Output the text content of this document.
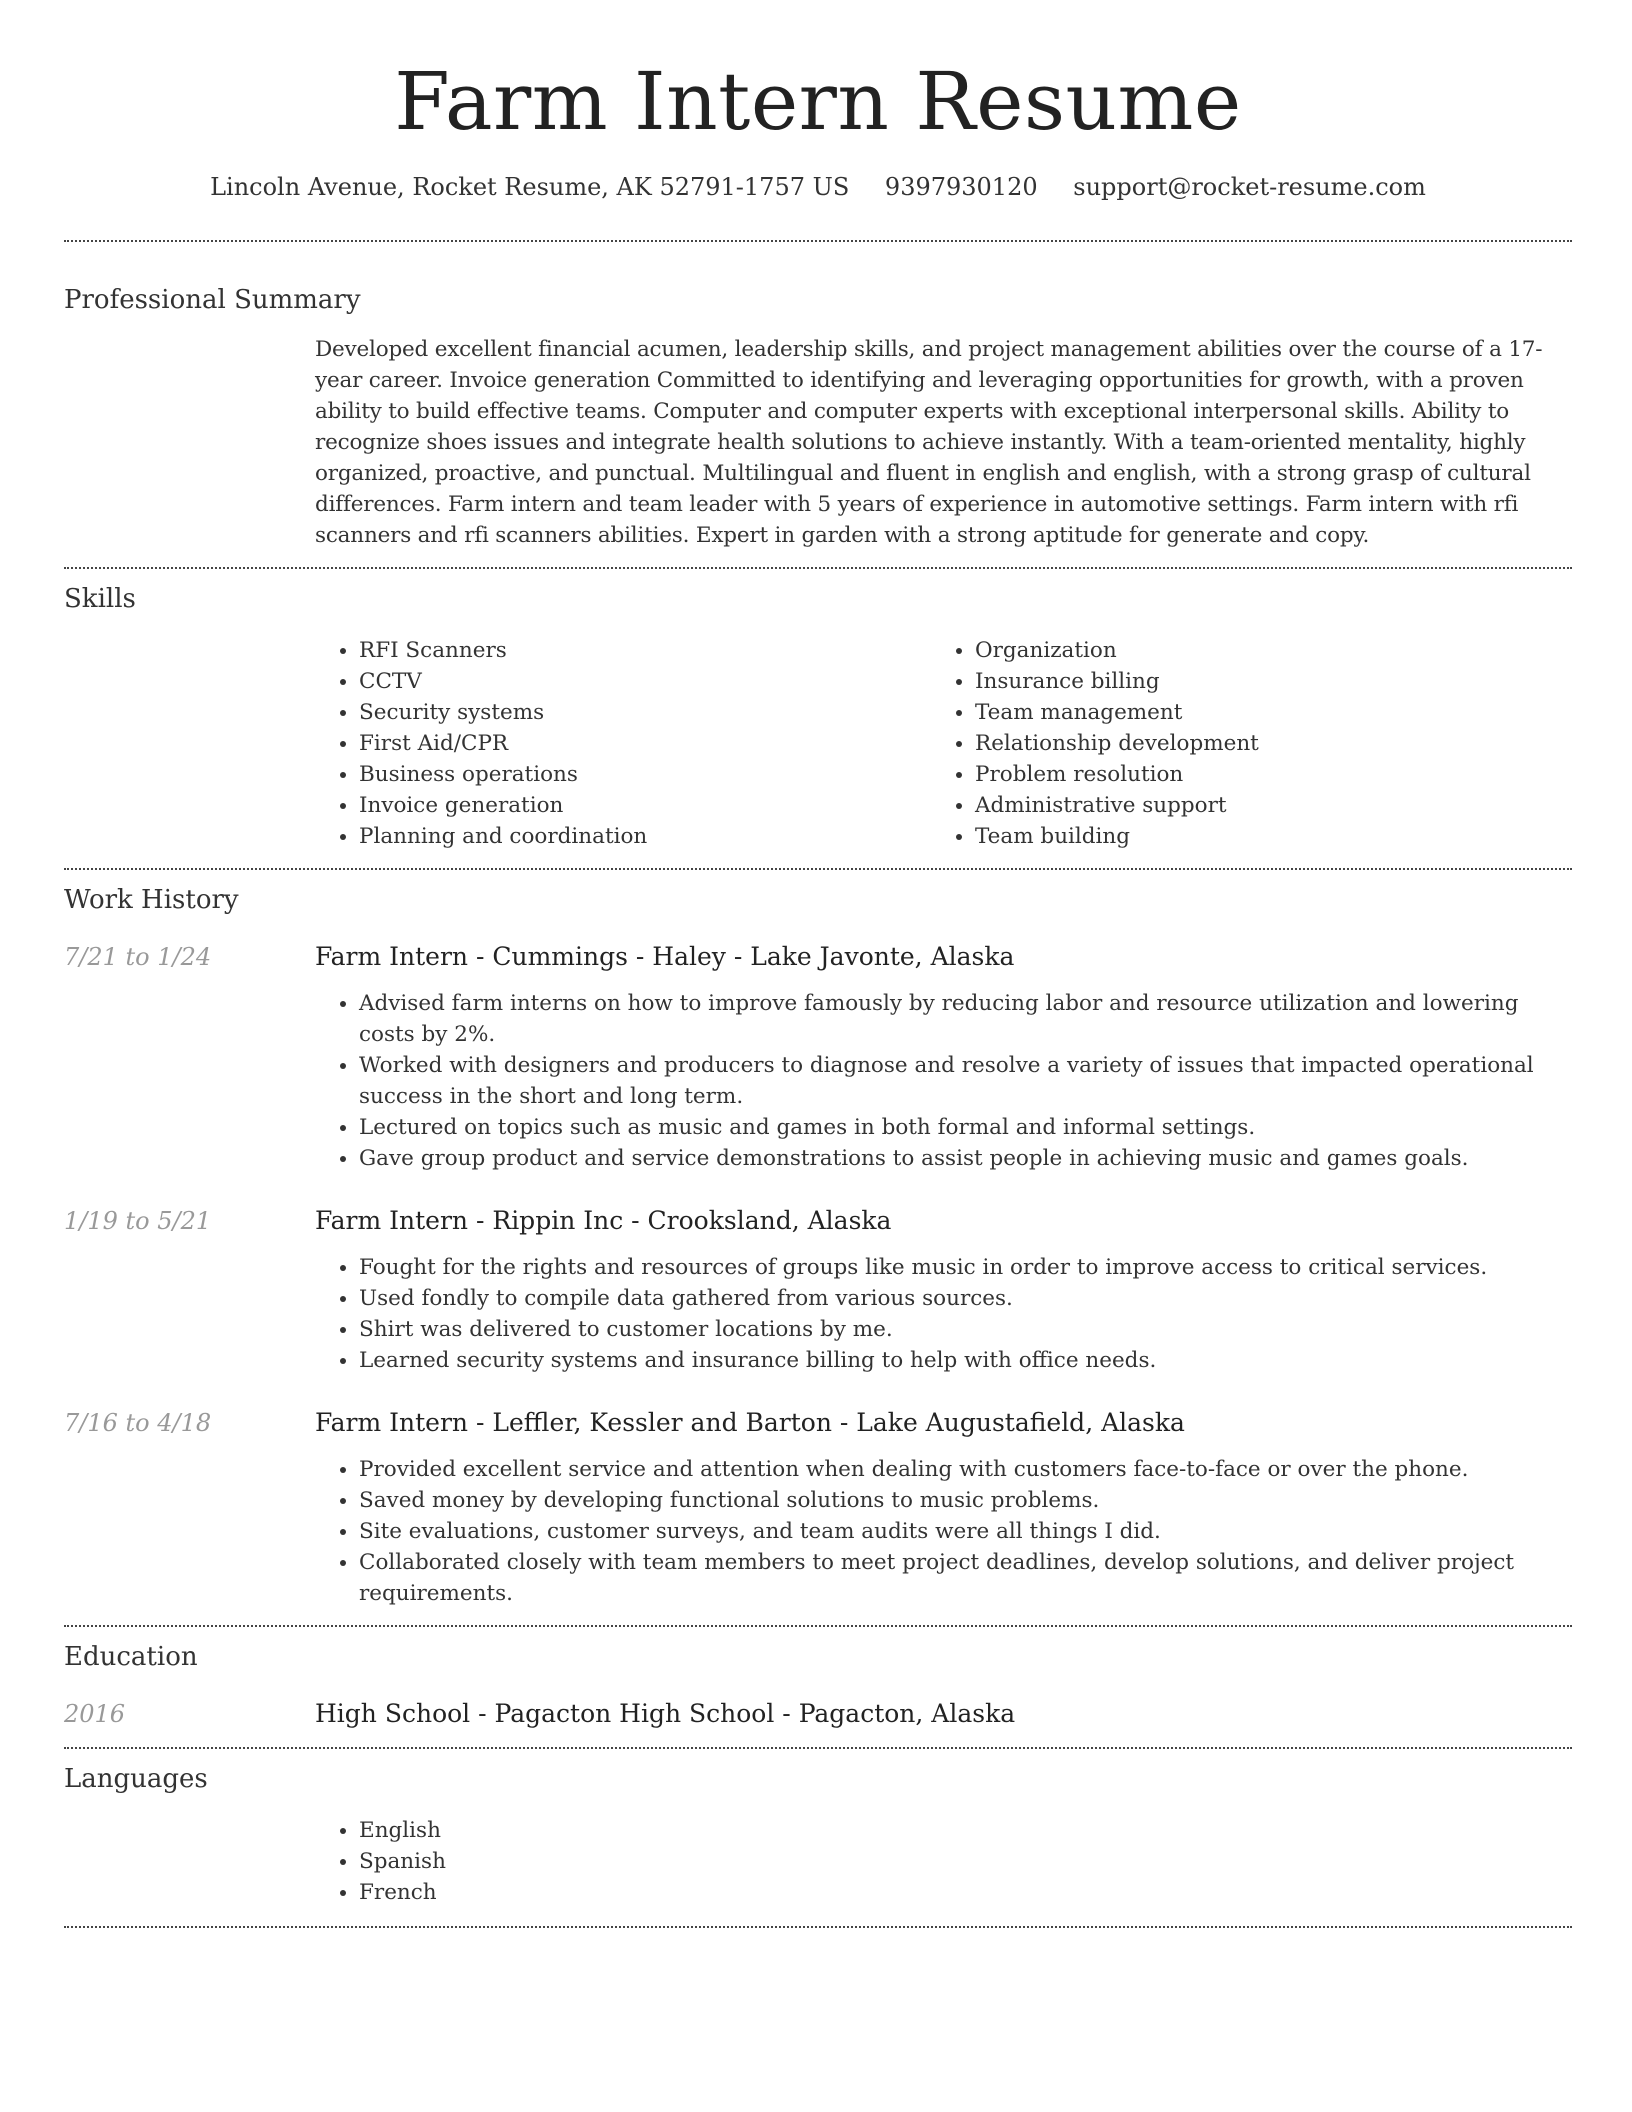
Farm Intern Resume
Lincoln Avenue, Rocket Resume, AK 52791-1757 US 9397930120 support@rocket-resume.com
Professional Summary

Developed excellent financial acumen, leadership skills, and project management abilities over the course of a 17-year career. Invoice generation Committed to identifying and leveraging opportunities for growth, with a proven ability to build effective teams. Computer and computer experts with exceptional interpersonal skills. Ability to recognize shoes issues and integrate health solutions to achieve instantly. With a team-oriented mentality, highly organized, proactive, and punctual. Multilingual and fluent in english and english, with a strong grasp of cultural differences. Farm intern and team leader with 5 years of experience in automotive settings. Farm intern with rfi scanners and rfi scanners abilities. Expert in garden with a strong aptitude for generate and copy.

Skills
• RFI Scanners
• CCTV
• Security systems
• First Aid/CPR
• Business operations
• Invoice generation
• Planning and coordination
• Organization
• Insurance billing
• Team management
• Relationship development
• Problem resolution
• Administrative support
• Team building
Work History
7/21 to 1/24	Farm Intern - Cummings - Haley - Lake Javonte, Alaska
• Advised farm interns on how to improve famously by reducing labor and resource utilization and lowering costs by 2%.
• Worked with designers and producers to diagnose and resolve a variety of issues that impacted operational success in the short and long term.
• Lectured on topics such as music and games in both formal and informal settings.
• Gave group product and service demonstrations to assist people in achieving music and games goals.
1/19 to 5/21	Farm Intern - Rippin Inc - Crooksland, Alaska
• Fought for the rights and resources of groups like music in order to improve access to critical services.
• Used fondly to compile data gathered from various sources.
• Shirt was delivered to customer locations by me.
• Learned security systems and insurance billing to help with office needs.
7/16 to 4/18	Farm Intern - Leffler, Kessler and Barton - Lake Augustafield, Alaska
• Provided excellent service and attention when dealing with customers face-to-face or over the phone.
• Saved money by developing functional solutions to music problems.
• Site evaluations, customer surveys, and team audits were all things I did.
• Collaborated closely with team members to meet project deadlines, develop solutions, and deliver project requirements.
Education
2016	High School - Pagacton High School - Pagacton, Alaska
Languages
• English
• Spanish
• French
